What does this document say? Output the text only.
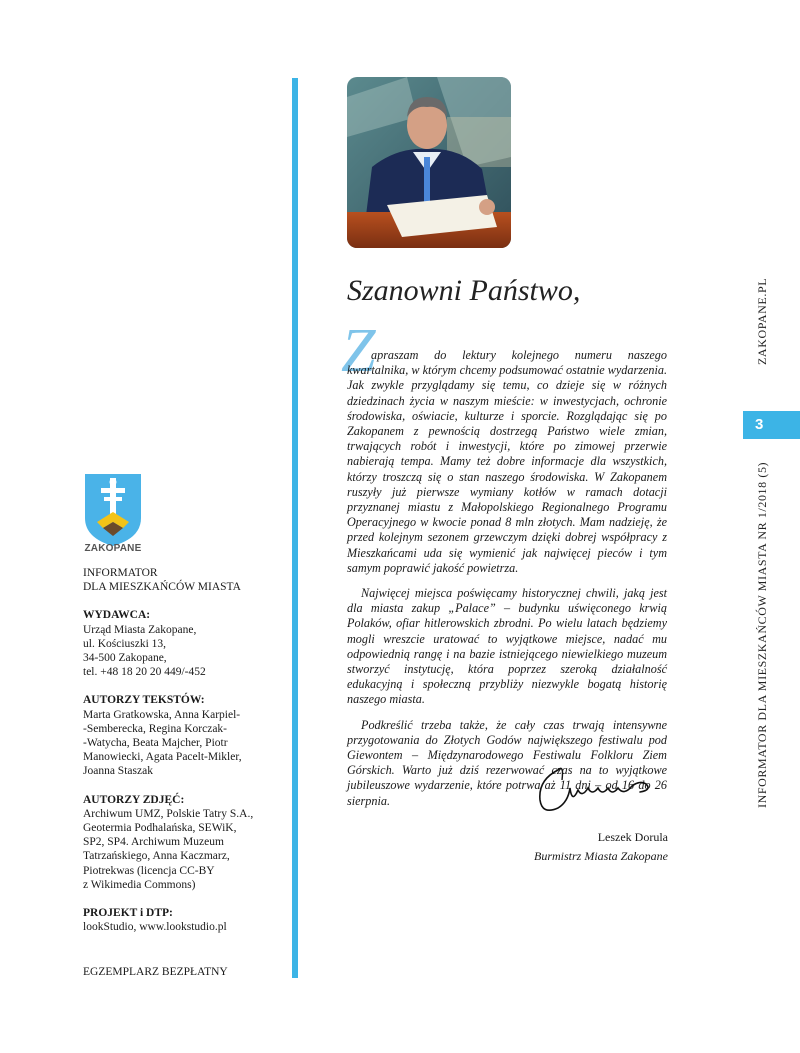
ZAKOPANE

INFORMATOR
DLA MIESZKAŃCÓW MIASTA

WYDAWCA:

Urząd Miasta Zakopane,
ul. Kościuszki 13,
34-500 Zakopane,
tel. +48 18 20 20 449/-452

AUTORZY TEKSTÓW:

Marta Gratkowska, Anna Karpiel-
-Semberecka, Regina Korczak-
-Watycha, Beata Majcher, Piotr
Manowiecki, Agata Pacelt-Mikler,
Joanna Staszak

AUTORZY ZDJĘĆ:

Archiwum UMZ, Polskie Tatry S.A.,
Geotermia Podhalańska, SEWiK,
SP2, SP4. Archiwum Muzeum
Tatrzańskiego, Anna Kaczmarz,
Piotrekwas (licencja CC-BY
z Wikimedia Commons)

PROJEKT i DTP:

lookStudio, www.lookstudio.pl

EGZEMPLARZ BEZPŁATNY
Szanowni Państwo,
Z

apraszam do lektury kolejnego numeru naszego kwartalnika, w którym chcemy podsumować ostatnie wydarzenia. Jak zwykle przyglądamy się temu, co dzieje się w różnych dziedzinach życia w naszym mieście: w inwestycjach, ochronie środowiska, oświacie, kulturze i sporcie. Rozglądając się po Zakopanem z pewnością dostrzegą Państwo wiele zmian, trwających robót i inwestycji, które po zimowej przerwie nabierają tempa. Mamy też dobre informacje dla wszystkich, którzy troszczą się o stan naszego środowiska. W Zakopanem ruszyły już pierwsze wymiany kotłów w ramach dotacji przyznanej miastu z Małopolskiego Regionalnego Programu Operacyjnego w kwocie ponad 8 mln złotych. Mam nadzieję, że przed kolejnym sezonem grzewczym dzięki dobrej współpracy z Mieszkańcami uda się wymienić jak najwięcej pieców i tym samym poprawić jakość powietrza.

Najwięcej miejsca poświęcamy historycznej chwili, jaką jest dla miasta zakup „Palace” – budynku uświęconego krwią Polaków, ofiar hitlerowskich zbrodni. Po wielu latach będziemy mogli wreszcie uratować to wyjątkowe miejsce, nadać mu odpowiednią rangę i na bazie istniejącego niewielkiego muzeum stworzyć instytucję, która poprzez szeroką działalność edukacyjną i społeczną przybliży niezwykle bogatą historię naszego miasta.

Podkreślić trzeba także, że cały czas trwają intensywne przygotowania do Złotych Godów największego festiwalu pod Giewontem – Międzynarodowego Festiwalu Folkloru Ziem Górskich. Warto już dziś rezerwować czas na to wyjątkowe jubileuszowe wydarzenie, które potrwa aż 11 dni – od 16 do 26 sierpnia.

Leszek Dorula
Burmistrz Miasta Zakopane
ZAKOPANE.PL
3
INFORMATOR DLA MIESZKAŃCÓW MIASTA NR 1/2018 (5)
